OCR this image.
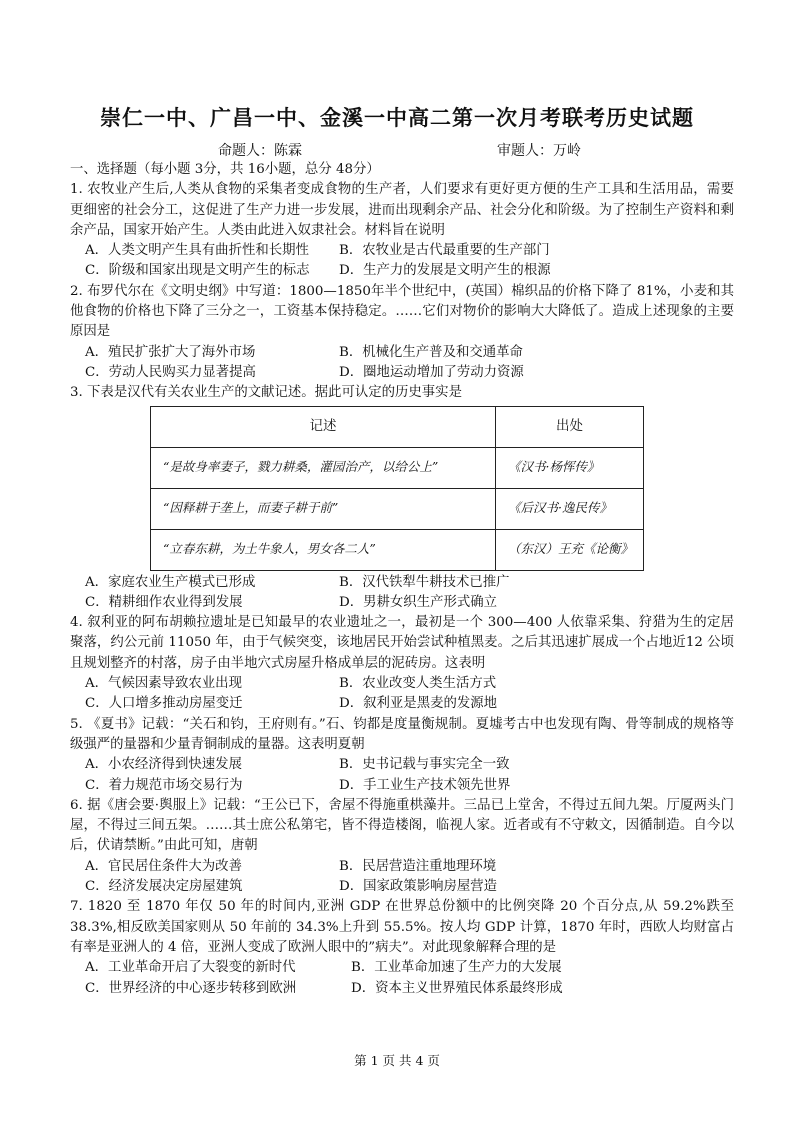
崇仁一中、广昌一中、金溪一中高二第一次月考联考历史试题
命题人：陈霖	审题人：万岭

一、选择题（每小题 3分，共 16小题，总分 48分）

1. 农牧业产生后,人类从食物的采集者变成食物的生产者，人们要求有更好更方便的生产工具和生活用品，需要更细密的社会分工，这促进了生产力进一步发展，进而出现剩余产品、社会分化和阶级。为了控制生产资料和剩余产品，国家开始产生。人类由此进入奴隶社会。材料旨在说明

A．人类文明产生具有曲折性和长期性	B．农牧业是古代最重要的生产部门
C．阶级和国家出现是文明产生的标志	D．生产力的发展是文明产生的根源

2. 布罗代尔在《文明史纲》中写道：1800—1850年半个世纪中，(英国）棉织品的价格下降了 81%，小麦和其他食物的价格也下降了三分之一，工资基本保持稳定。……它们对物价的影响大大降低了。造成上述现象的主要原因是

A．殖民扩张扩大了海外市场	B．机械化生产普及和交通革命
C．劳动人民购买力显著提高	D．圈地运动增加了劳动力资源

3. 下表是汉代有关农业生产的文献记述。据此可认定的历史事实是

记述	出处
“是故身率妻子，戮力耕桑，灌园治产，以给公上”	《汉书·杨恽传》
“因释耕于垄上，而妻子耕于前”	《后汉书·逸民传》
“立春东耕，为土牛象人，男女各二人”	（东汉）王充《论衡》
A．家庭农业生产模式已形成	B．汉代铁犁牛耕技术已推广
C．精耕细作农业得到发展	D．男耕女织生产形式确立

4. 叙利亚的阿布胡赖拉遗址是已知最早的农业遗址之一，最初是一个 300—400 人依靠采集、狩猎为生的定居聚落，约公元前 11050 年，由于气候突变，该地居民开始尝试种植黑麦。之后其迅速扩展成一个占地近12 公顷且规划整齐的村落，房子由半地穴式房屋升格成单层的泥砖房。这表明

A．气候因素导致农业出现	B．农业改变人类生活方式
C．人口增多推动房屋变迁	D．叙利亚是黑麦的发源地

5. 《夏书》记载：“关石和钧，王府则有。”石、钧都是度量衡规制。夏墟考古中也发现有陶、骨等制成的规格等级强严的量器和少量青铜制成的量器。这表明夏朝

A．小农经济得到快速发展	B．史书记载与事实完全一致
C．着力规范市场交易行为	D．手工业生产技术领先世界

6. 据《唐会要·舆服上》记载：“王公已下，舍屋不得施重栱藻井。三品已上堂舍，不得过五间九架。厅厦两头门屋，不得过三间五架。……其士庶公私第宅，皆不得造楼阁，临视人家。近者或有不守敕文，因循制造。自今以后，伏请禁断。”由此可知，唐朝

A．官民居住条件大为改善	B．民居营造注重地理环境
C．经济发展决定房屋建筑	D．国家政策影响房屋营造

7. 1820 至 1870 年仅 50 年的时间内,亚洲 GDP 在世界总份额中的比例突降 20 个百分点,从 59.2%跌至 38.3%,相反欧美国家则从 50 年前的 34.3%上升到 55.5%。按人均 GDP 计算，1870 年时，西欧人均财富占有率是亚洲人的 4 倍，亚洲人变成了欧洲人眼中的”病夫”。对此现象解释合理的是

A．工业革命开启了大裂变的新时代	B．工业革命加速了生产力的大发展
C．世界经济的中心逐步转移到欧洲	D．资本主义世界殖民体系最终形成
第 1 页 共 4 页
